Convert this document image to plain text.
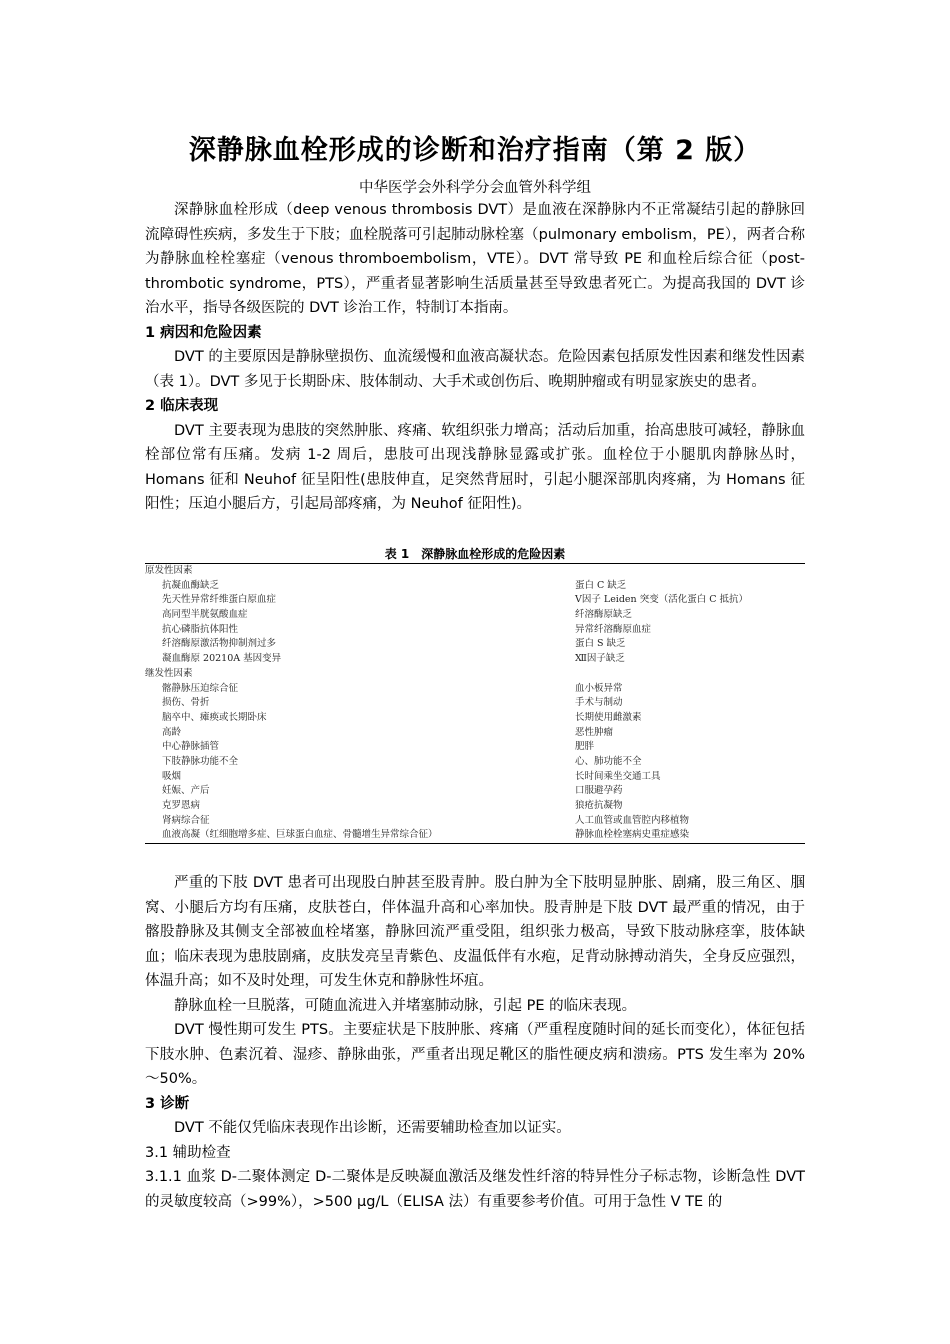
深静脉血栓形成的诊断和治疗指南（第 2 版）
中华医学会外科学分会血管外科学组

深静脉血栓形成（deep venous thrombosis DVT）是血液在深静脉内不正常凝结引起的静脉回流障碍性疾病，多发生于下肢；血栓脱落可引起肺动脉栓塞（pulmonary embolism，PE），两者合称为静脉血栓栓塞症（venous thromboembolism，VTE）。DVT 常导致 PE 和血栓后综合征（post-thrombotic syndrome，PTS），严重者显著影响生活质量甚至导致患者死亡。为提高我国的 DVT 诊治水平，指导各级医院的 DVT 诊治工作，特制订本指南。

1 病因和危险因素

DVT 的主要原因是静脉壁损伤、血流缓慢和血液高凝状态。危险因素包括原发性因素和继发性因素（表 1）。DVT 多见于长期卧床、肢体制动、大手术或创伤后、晚期肿瘤或有明显家族史的患者。

2 临床表现

DVT 主要表现为患肢的突然肿胀、疼痛、软组织张力增高；活动后加重，抬高患肢可减轻，静脉血栓部位常有压痛。发病 1-2 周后，患肢可出现浅静脉显露或扩张。血栓位于小腿肌肉静脉丛时，Homans 征和 Neuhof 征呈阳性(患肢伸直，足突然背屈时，引起小腿深部肌肉疼痛，为 Homans 征阳性；压迫小腿后方，引起局部疼痛，为 Neuhof 征阳性)。

表 1　深静脉血栓形成的危险因素
原发性因素
抗凝血酶缺乏	蛋白 C 缺乏
先天性异常纤维蛋白原血症	Ⅴ因子 Leiden 突变（活化蛋白 C 抵抗）
高同型半胱氨酸血症	纤溶酶原缺乏
抗心磷脂抗体阳性	异常纤溶酶原血症
纤溶酶原激活物抑制剂过多	蛋白 S 缺乏
凝血酶原 20210A 基因变异	Ⅻ因子缺乏
继发性因素
髂静脉压迫综合征	血小板异常
损伤、骨折	手术与制动
脑卒中、瘫痪或长期卧床	长期使用雌激素
高龄	恶性肿瘤
中心静脉插管	肥胖
下肢静脉功能不全	心、肺功能不全
吸烟	长时间乘坐交通工具
妊娠、产后	口服避孕药
克罗恩病	狼疮抗凝物
肾病综合征	人工血管或血管腔内移植物
血液高凝（红细胞增多症、巨球蛋白血症、骨髓增生异常综合征）	静脉血栓栓塞病史重症感染

严重的下肢 DVT 患者可出现股白肿甚至股青肿。股白肿为全下肢明显肿胀、剧痛，股三角区、腘窝、小腿后方均有压痛，皮肤苍白，伴体温升高和心率加快。股青肿是下肢 DVT 最严重的情况，由于髂股静脉及其侧支全部被血栓堵塞，静脉回流严重受阻，组织张力极高，导致下肢动脉痉挛，肢体缺血；临床表现为患肢剧痛，皮肤发亮呈青紫色、皮温低伴有水疱，足背动脉搏动消失，全身反应强烈，体温升高；如不及时处理，可发生休克和静脉性坏疽。

静脉血栓一旦脱落，可随血流进入并堵塞肺动脉，引起 PE 的临床表现。

DVT 慢性期可发生 PTS。主要症状是下肢肿胀、疼痛（严重程度随时间的延长而变化），体征包括下肢水肿、色素沉着、湿疹、静脉曲张，严重者出现足靴区的脂性硬皮病和溃疡。PTS 发生率为 20%～50%。

3 诊断

DVT 不能仅凭临床表现作出诊断，还需要辅助检查加以证实。

3.1 辅助检查

3.1.1 血浆 D-二聚体测定 D-二聚体是反映凝血激活及继发性纤溶的特异性分子标志物，诊断急性 DVT 的灵敏度较高（>99%），>500 μg/L（ELISA 法）有重要参考价值。可用于急性 V TE 的
